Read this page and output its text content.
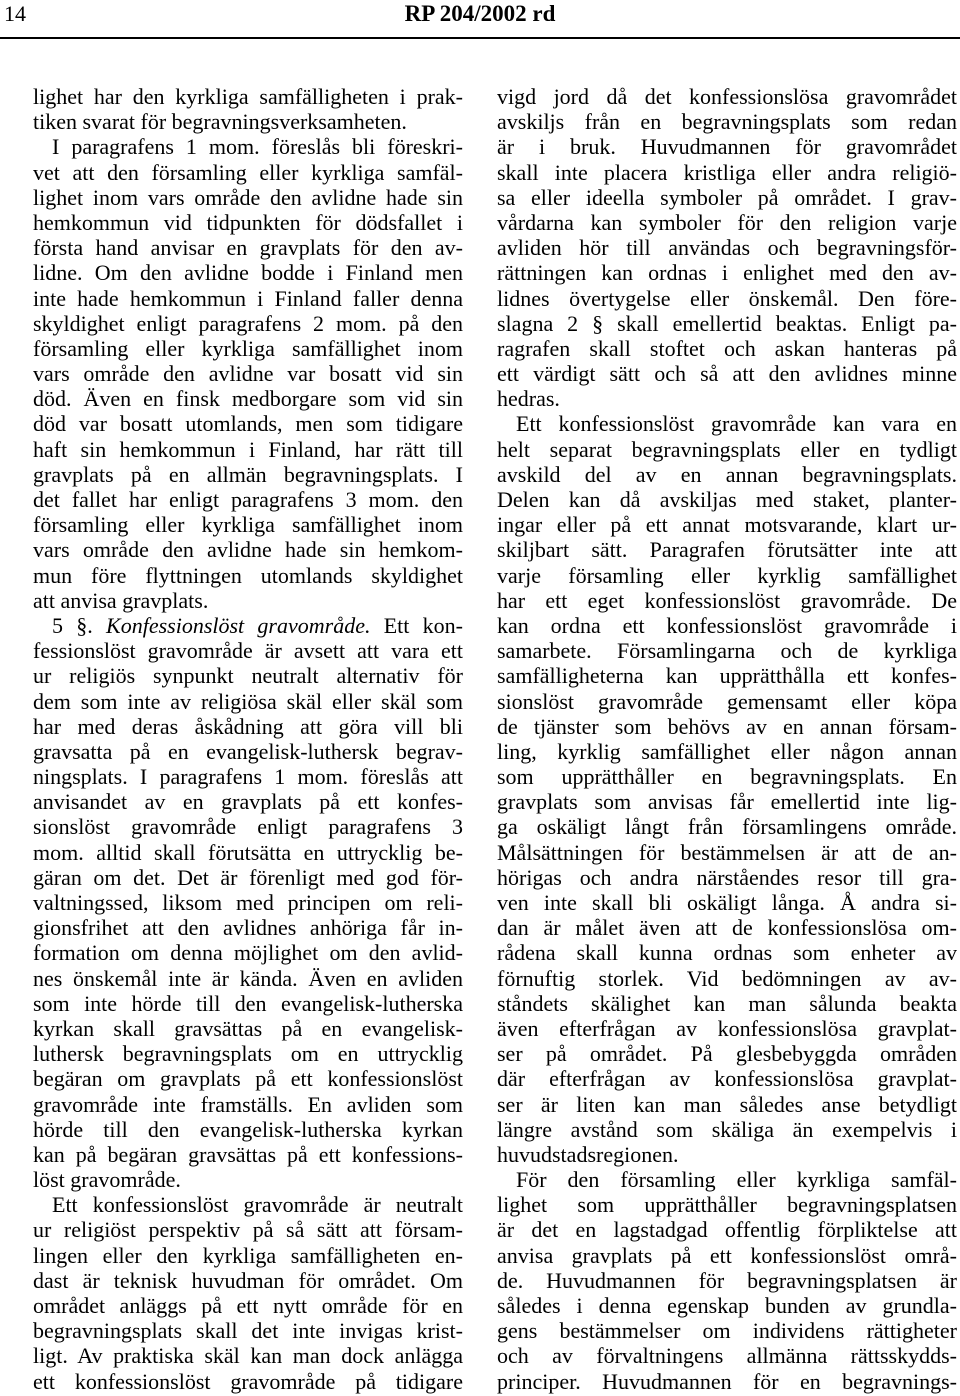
14	RP 204/2002 rd
lighet har den kyrkliga samfälligheten i prak-
tiken svarat för begravningsverksamheten.
I paragrafens 1 mom. föreslås bli föreskri-
vet att den församling eller kyrkliga samfäl-
lighet inom vars område den avlidne hade sin
hemkommun vid tidpunkten för dödsfallet i
första hand anvisar en gravplats för den av-
lidne. Om den avlidne bodde i Finland men
inte hade hemkommun i Finland faller denna
skyldighet enligt paragrafens 2 mom. på den
församling eller kyrkliga samfällighet inom
vars område den avlidne var bosatt vid sin
död. Även en finsk medborgare som vid sin
död var bosatt utomlands, men som tidigare
haft sin hemkommun i Finland, har rätt till
gravplats på en allmän begravningsplats. I
det fallet har enligt paragrafens 3 mom. den
församling eller kyrkliga samfällighet inom
vars område den avlidne hade sin hemkom-
mun före flyttningen utomlands skyldighet
att anvisa gravplats.
5 §. Konfessionslöst gravområde. Ett kon-
fessionslöst gravområde är avsett att vara ett
ur religiös synpunkt neutralt alternativ för
dem som inte av religiösa skäl eller skäl som
har med deras åskådning att göra vill bli
gravsatta på en evangelisk-luthersk begrav-
ningsplats. I paragrafens 1 mom. föreslås att
anvisandet av en gravplats på ett konfes-
sionslöst gravområde enligt paragrafens 3
mom. alltid skall förutsätta en uttrycklig be-
gäran om det. Det är förenligt med god för-
valtningssed, liksom med principen om reli-
gionsfrihet att den avlidnes anhöriga får in-
formation om denna möjlighet om den avlid-
nes önskemål inte är kända. Även en avliden
som inte hörde till den evangelisk-lutherska
kyrkan skall gravsättas på en evangelisk-
luthersk begravningsplats om en uttrycklig
begäran om gravplats på ett konfessionslöst
gravområde inte framställs. En avliden som
hörde till den evangelisk-lutherska kyrkan
kan på begäran gravsättas på ett konfessions-
löst gravområde.
Ett konfessionslöst gravområde är neutralt
ur religiöst perspektiv på så sätt att försam-
lingen eller den kyrkliga samfälligheten en-
dast är teknisk huvudman för området. Om
området anläggs på ett nytt område för en
begravningsplats skall det inte invigas krist-
ligt. Av praktiska skäl kan man dock anlägga
ett konfessionslöst gravområde på tidigare
vigd jord då det konfessionslösa gravområdet
avskiljs från en begravningsplats som redan
är i bruk. Huvudmannen för gravområdet
skall inte placera kristliga eller andra religiö-
sa eller ideella symboler på området. I grav-
vårdarna kan symboler för den religion varje
avliden hör till användas och begravningsför-
rättningen kan ordnas i enlighet med den av-
lidnes övertygelse eller önskemål. Den före-
slagna 2 § skall emellertid beaktas. Enligt pa-
ragrafen skall stoftet och askan hanteras på
ett värdigt sätt och så att den avlidnes minne
hedras.
Ett konfessionslöst gravområde kan vara en
helt separat begravningsplats eller en tydligt
avskild del av en annan begravningsplats.
Delen kan då avskiljas med staket, planter-
ingar eller på ett annat motsvarande, klart ur-
skiljbart sätt. Paragrafen förutsätter inte att
varje församling eller kyrklig samfällighet
har ett eget konfessionslöst gravområde. De
kan ordna ett konfessionslöst gravområde i
samarbete. Församlingarna och de kyrkliga
samfälligheterna kan upprätthålla ett konfes-
sionslöst gravområde gemensamt eller köpa
de tjänster som behövs av en annan försam-
ling, kyrklig samfällighet eller någon annan
som upprätthåller en begravningsplats. En
gravplats som anvisas får emellertid inte lig-
ga oskäligt långt från församlingens område.
Målsättningen för bestämmelsen är att de an-
hörigas och andra närståendes resor till gra-
ven inte skall bli oskäligt långa. Å andra si-
dan är målet även att de konfessionslösa om-
rådena skall kunna ordnas som enheter av
förnuftig storlek. Vid bedömningen av av-
ståndets skälighet kan man sålunda beakta
även efterfrågan av konfessionslösa gravplat-
ser på området. På glesbebyggda områden
där efterfrågan av konfessionslösa gravplat-
ser är liten kan man således anse betydligt
längre avstånd som skäliga än exempelvis i
huvudstadsregionen.
För den församling eller kyrkliga samfäl-
lighet som upprätthåller begravningsplatsen
är det en lagstadgad offentlig förpliktelse att
anvisa gravplats på ett konfessionslöst områ-
de. Huvudmannen för begravningsplatsen är
således i denna egenskap bunden av grundla-
gens bestämmelser om individens rättigheter
och av förvaltningens allmänna rättsskydds-
principer. Huvudmannen för en begravnings-
